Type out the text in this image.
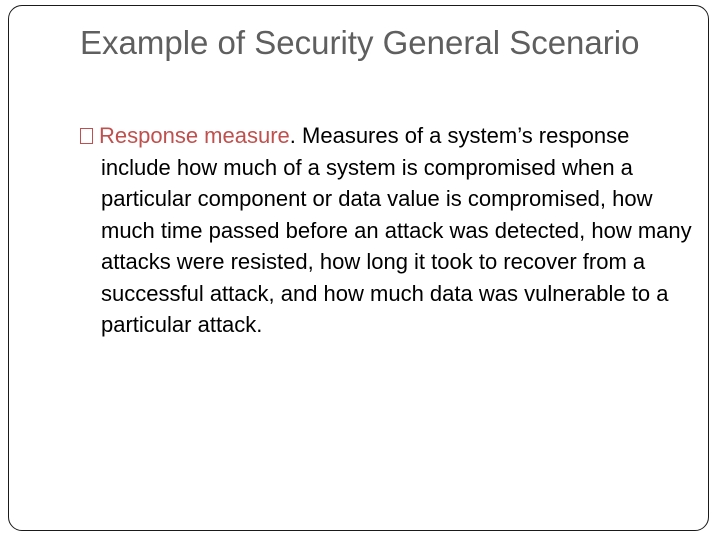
Example of Security General Scenario

Response measure. Measures of a system’s response include how much of a system is compromised when a particular component or data value is compromised, how much time passed before an attack was detected, how many attacks were resisted, how long it took to recover from a successful attack, and how much data was vulnerable to a particular attack.
